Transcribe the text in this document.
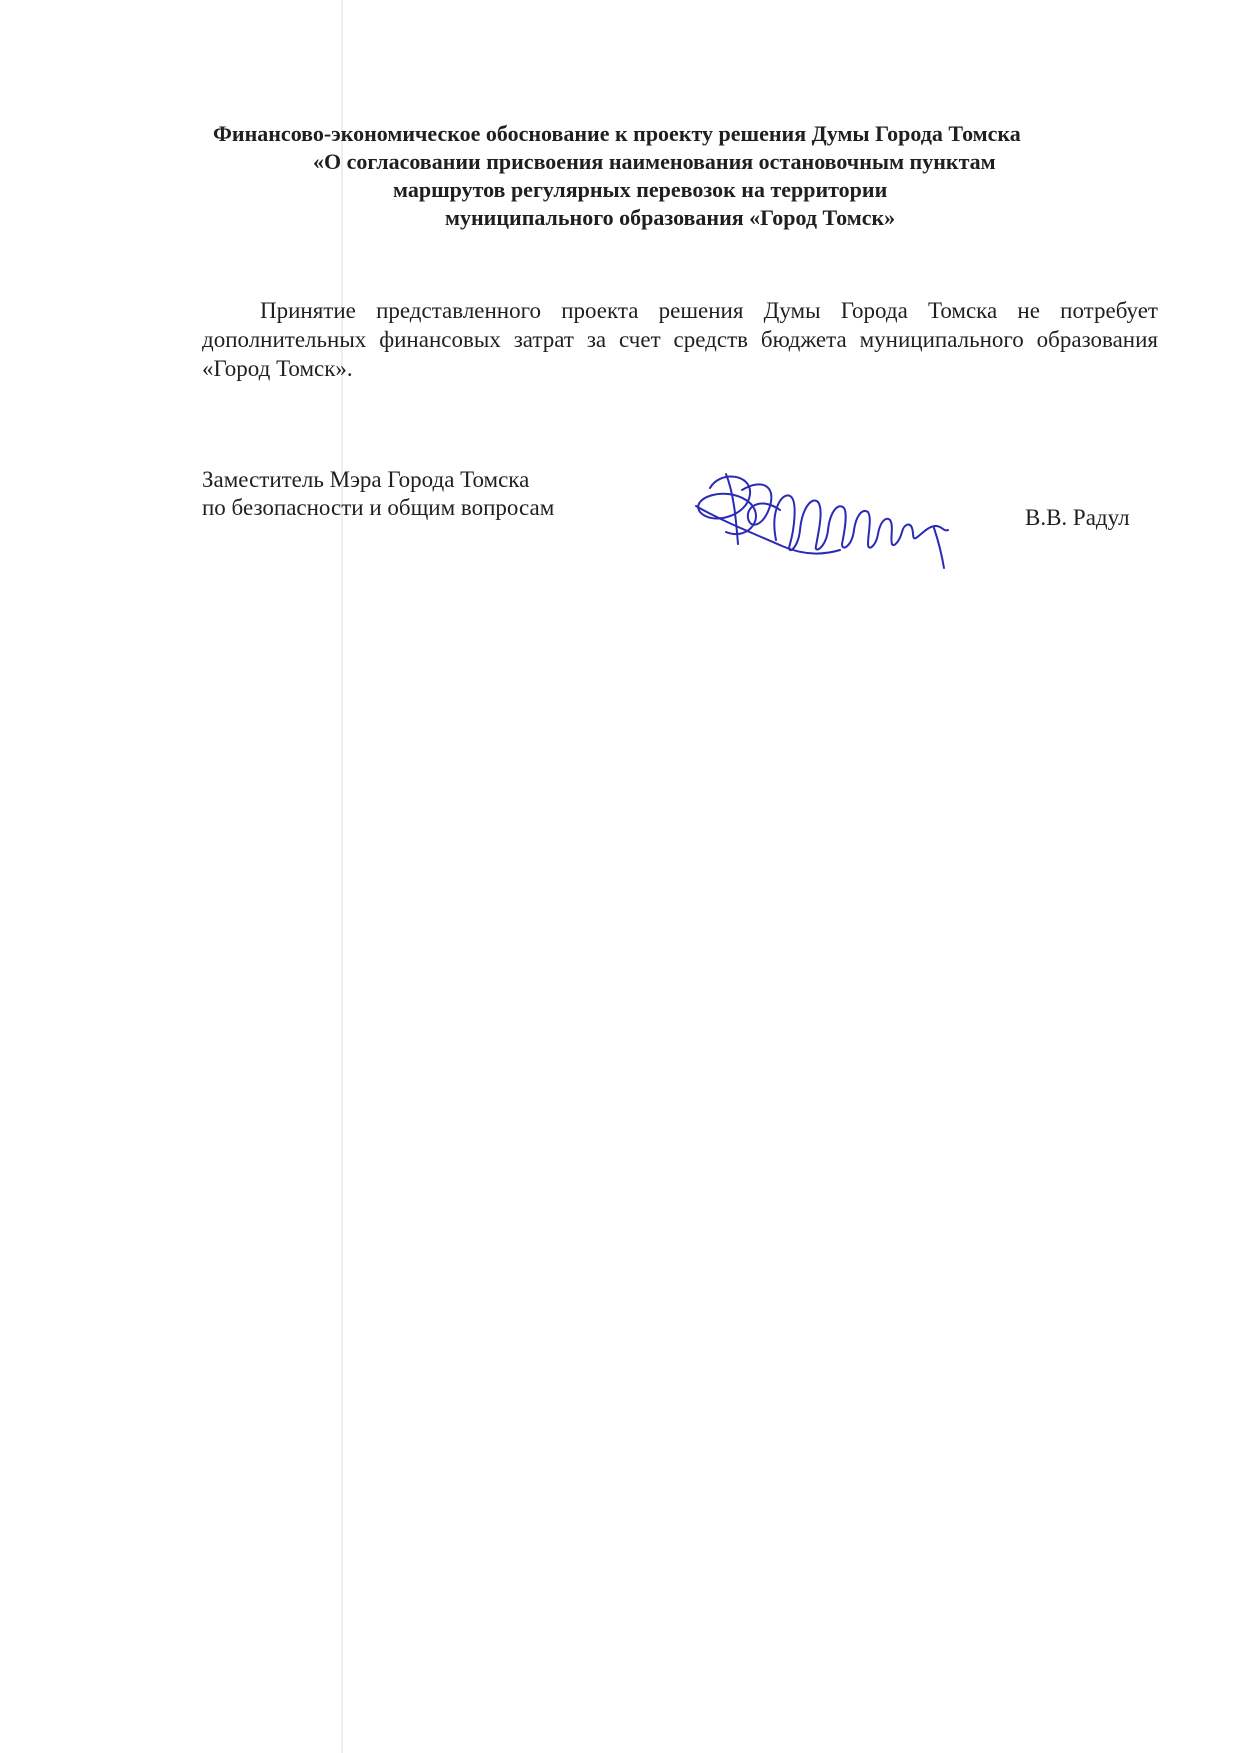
Финансово-экономическое обоснование к проекту решения Думы Города Томска
«О согласовании присвоения наименования остановочным пунктам
маршрутов регулярных перевозок на территории
муниципального образования «Город Томск»

Принятие представленного проекта решения Думы Города Томска не потребует дополнительных финансовых затрат за счет средств бюджета муниципального образования «Город Томск».

Заместитель Мэра Города Томска
по безопасности и общим вопросам	В.В. Радул
